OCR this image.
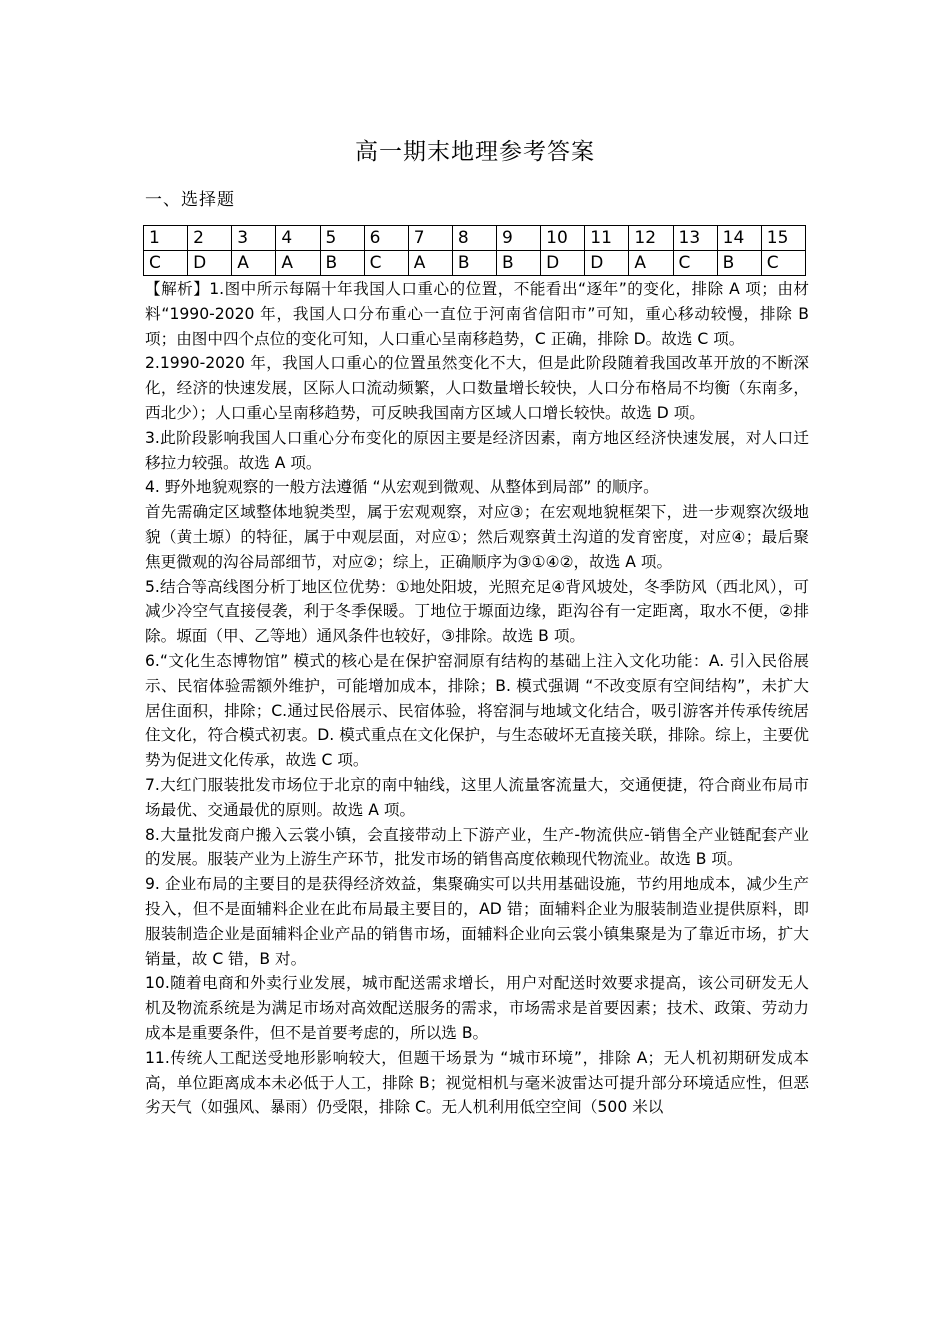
高一期末地理参考答案
一、选择题
1	2	3	4	5	6	7	8	9	10	11	12	13	14	15
C	D	A	A	B	C	A	B	B	D	D	A	C	B	C

【解析】1.图中所示每隔十年我国人口重心的位置，不能看出“逐年”的变化，排除 A 项；由材料“1990-2020 年，我国人口分布重心一直位于河南省信阳市”可知，重心移动较慢，排除 B 项；由图中四个点位的变化可知，人口重心呈南移趋势，C 正确，排除 D。故选 C 项。

2.1990-2020 年，我国人口重心的位置虽然变化不大，但是此阶段随着我国改革开放的不断深化，经济的快速发展，区际人口流动频繁，人口数量增长较快，人口分布格局不均衡（东南多，西北少）；人口重心呈南移趋势，可反映我国南方区域人口增长较快。故选 D 项。

3.此阶段影响我国人口重心分布变化的原因主要是经济因素，南方地区经济快速发展，对人口迁移拉力较强。故选 A 项。

4. 野外地貌观察的一般方法遵循 “从宏观到微观、从整体到局部” 的顺序。

首先需确定区域整体地貌类型，属于宏观观察，对应③；在宏观地貌框架下，进一步观察次级地貌（黄土塬）的特征，属于中观层面，对应①；然后观察黄土沟道的发育密度，对应④；最后聚焦更微观的沟谷局部细节，对应②；综上，正确顺序为③①④②，故选 A 项。

5.结合等高线图分析丁地区位优势：①地处阳坡，光照充足④背风坡处，冬季防风（西北风），可减少冷空气直接侵袭，利于冬季保暖。丁地位于塬面边缘，距沟谷有一定距离，取水不便，②排除。塬面（甲、乙等地）通风条件也较好，③排除。故选 B 项。

6.“文化生态博物馆” 模式的核心是在保护窑洞原有结构的基础上注入文化功能：A. 引入民俗展示、民宿体验需额外维护，可能增加成本，排除；B. 模式强调 “不改变原有空间结构”，未扩大居住面积，排除；C.通过民俗展示、民宿体验，将窑洞与地域文化结合，吸引游客并传承传统居住文化，符合模式初衷。D. 模式重点在文化保护，与生态破坏无直接关联，排除。综上，主要优势为促进文化传承，故选 C 项。

7.大红门服装批发市场位于北京的南中轴线，这里人流量客流量大，交通便捷，符合商业布局市场最优、交通最优的原则。故选 A 项。

8.大量批发商户搬入云裳小镇，会直接带动上下游产业，生产-物流供应-销售全产业链配套产业的发展。服装产业为上游生产环节，批发市场的销售高度依赖现代物流业。故选 B 项。

9. 企业布局的主要目的是获得经济效益，集聚确实可以共用基础设施，节约用地成本，减少生产投入，但不是面辅料企业在此布局最主要目的，AD 错；面辅料企业为服装制造业提供原料，即服装制造企业是面辅料企业产品的销售市场，面辅料企业向云裳小镇集聚是为了靠近市场，扩大销量，故 C 错，B 对。

10.随着电商和外卖行业发展，城市配送需求增长，用户对配送时效要求提高，该公司研发无人机及物流系统是为满足市场对高效配送服务的需求，市场需求是首要因素；技术、政策、劳动力成本是重要条件，但不是首要考虑的，所以选 B。

11.传统人工配送受地形影响较大，但题干场景为 “城市环境”，排除 A；无人机初期研发成本高，单位距离成本未必低于人工，排除 B；视觉相机与毫米波雷达可提升部分环境适应性，但恶劣天气（如强风、暴雨）仍受限，排除 C。无人机利用低空空间（500 米以
